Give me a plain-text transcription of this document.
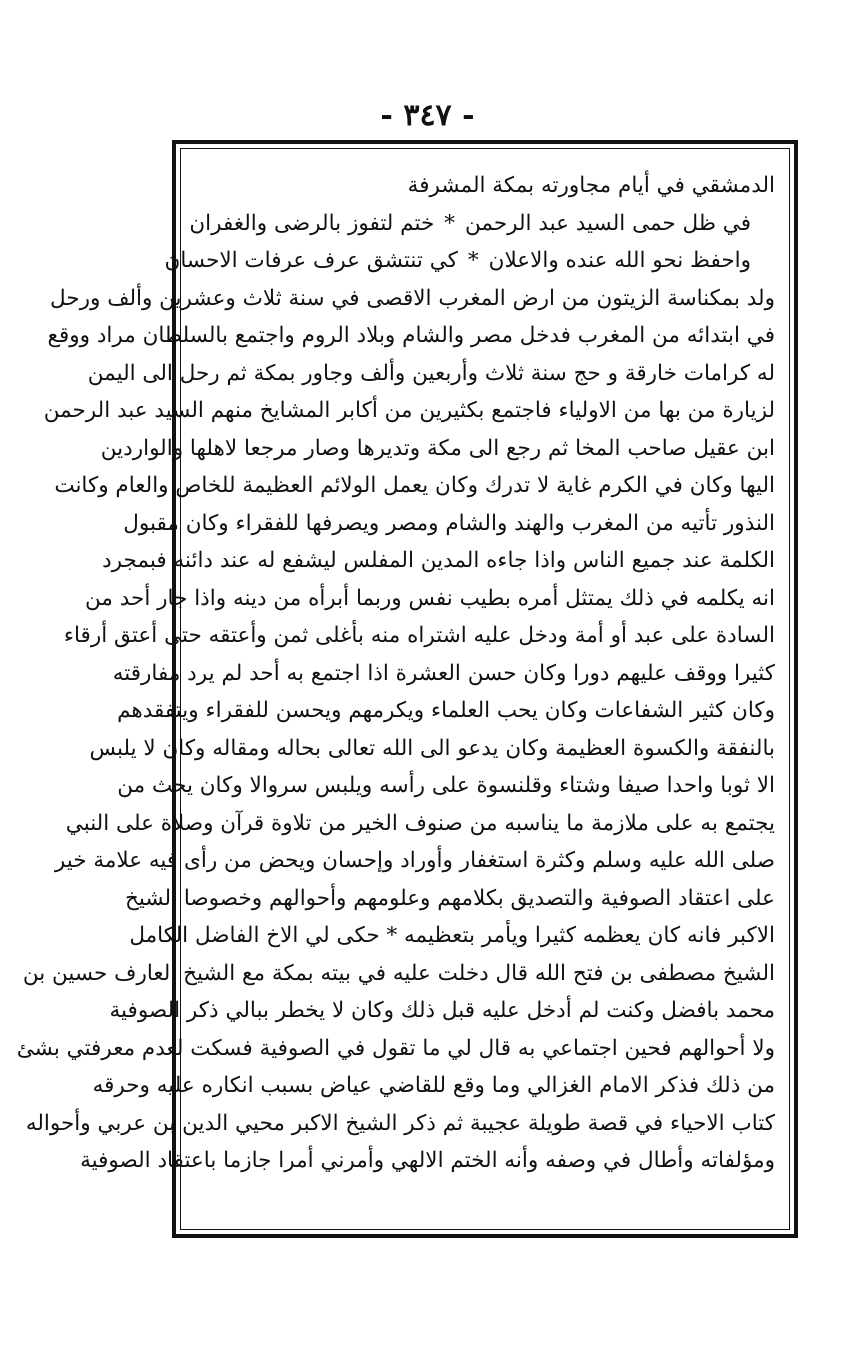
- ٣٤٧ -
الدمشقي في أيام مجاورته بمكة المشرفة
في ظل حمى السيد عبد الرحمن
*
ختم لتفوز بالرضى والغفران
واحفظ نحو الله عنده والاعلان
*
كي تنتشق عرف عرفات الاحسان
ولد بمكناسة الزيتون من ارض المغرب الاقصى في سنة ثلاث وعشرين وألف ورحل
في ابتدائه من المغرب فدخل مصر والشام وبلاد الروم واجتمع بالسلطان مراد ووقع
له كرامات خارقة و حج سنة ثلاث وأربعين وألف وجاور بمكة ثم رحل الى اليمن
لزيارة من بها من الاولياء فاجتمع بكثيرين من أكابر المشايخ منهم السيد عبد الرحمن
ابن عقيل صاحب المخا ثم رجع الى مكة وتديرها وصار مرجعا لاهلها والواردين
اليها وكان في الكرم غاية لا تدرك وكان يعمل الولائم العظيمة للخاص والعام وكانت
النذور تأتيه من المغرب والهند والشام ومصر ويصرفها للفقراء وكان مقبول
الكلمة عند جميع الناس واذا جاءه المدين المفلس ليشفع له عند دائنه فبمجرد
انه يكلمه في ذلك يمتثل أمره بطيب نفس وربما أبرأه من دينه واذا جار أحد من
السادة على عبد أو أمة ودخل عليه اشتراه منه بأغلى ثمن وأعتقه حتى أعتق أرقاء
كثيرا ووقف عليهم دورا وكان حسن العشرة اذا اجتمع به أحد لم يرد مفارقته
وكان كثير الشفاعات وكان يحب العلماء ويكرمهم ويحسن للفقراء ويتفقدهم
بالنفقة والكسوة العظيمة وكان يدعو الى الله تعالى بحاله ومقاله وكان لا يلبس
الا ثوبا واحدا صيفا وشتاء وقلنسوة على رأسه ويلبس سروالا وكان يحث من
يجتمع به على ملازمة ما يناسبه من صنوف الخير من تلاوة قرآن وصلاة على النبي
صلى الله عليه وسلم وكثرة استغفار وأوراد وإحسان ويحض من رأى فيه علامة خير
على اعتقاد الصوفية والتصديق بكلامهم وعلومهم وأحوالهم وخصوصا الشيخ
الاكبر فانه كان يعظمه كثيرا ويأمر بتعظيمه * حكى لي الاخ الفاضل الكامل
الشيخ مصطفى بن فتح الله قال دخلت عليه في بيته بمكة مع الشيخ العارف حسين بن
محمد بافضل وكنت لم أدخل عليه قبل ذلك وكان لا يخطر ببالي ذكر الصوفية
ولا أحوالهم فحين اجتماعي به قال لي ما تقول في الصوفية فسكت لعدم معرفتي بشئ
من ذلك فذكر الامام الغزالي وما وقع للقاضي عياض بسبب انكاره عليه وحرقه
كتاب الاحياء في قصة طويلة عجيبة ثم ذكر الشيخ الاكبر محيي الدين بن عربي وأحواله
ومؤلفاته وأطال في وصفه وأنه الختم الالهي وأمرني أمرا جازما باعتقاد الصوفية
